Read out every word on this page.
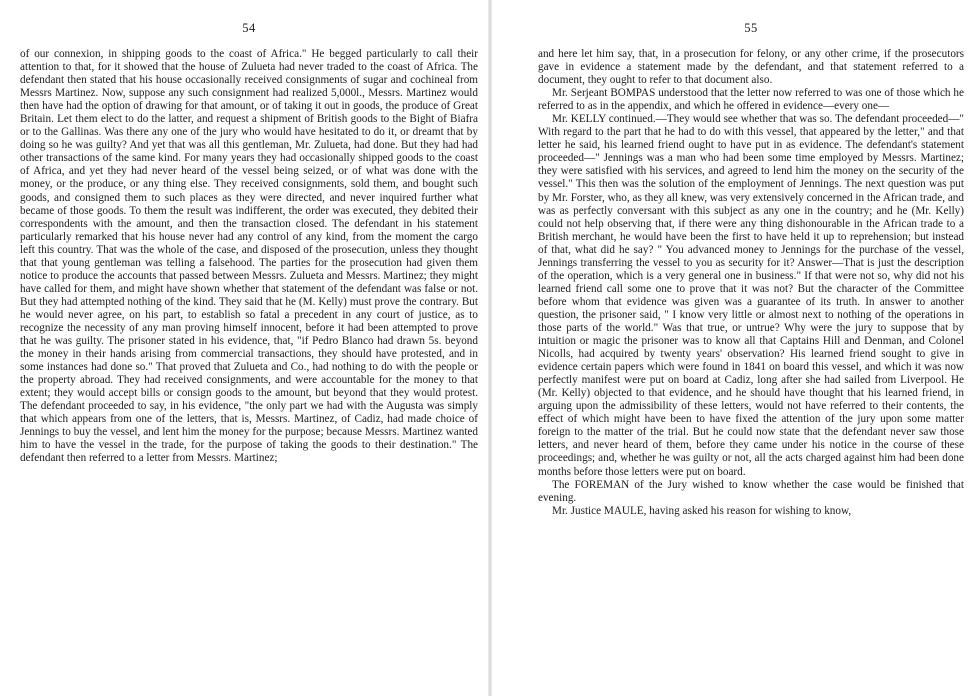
54

of our connexion, in shipping goods to the coast of Africa." He begged particularly to call their attention to that, for it showed that the house of Zulueta had never traded to the coast of Africa. The defendant then stated that his house occasionally received consignments of sugar and cochineal from Messrs Martinez. Now, suppose any such consignment had realized 5,000l., Messrs. Martinez would then have had the option of drawing for that amount, or of taking it out in goods, the produce of Great Britain. Let them elect to do the latter, and request a shipment of British goods to the Bight of Biafra or to the Gallinas. Was there any one of the jury who would have hesitated to do it, or dreamt that by doing so he was guilty? And yet that was all this gentleman, Mr. Zulueta, had done. But they had had other transactions of the same kind. For many years they had occasionally shipped goods to the coast of Africa, and yet they had never heard of the vessel being seized, or of what was done with the money, or the produce, or any thing else. They received consignments, sold them, and bought such goods, and consigned them to such places as they were directed, and never inquired further what became of those goods. To them the result was indifferent, the order was executed, they debited their correspondents with the amount, and then the transaction closed. The defendant in his statement particularly remarked that his house never had any control of any kind, from the moment the cargo left this country. That was the whole of the case, and disposed of the prosecution, unless they thought that that young gentleman was telling a falsehood. The parties for the prosecution had given them notice to produce the accounts that passed between Messrs. Zulueta and Messrs. Martinez; they might have called for them, and might have shown whether that statement of the defendant was false or not. But they had attempted nothing of the kind. They said that he (M. Kelly) must prove the contrary. But he would never agree, on his part, to establish so fatal a precedent in any court of justice, as to recognize the necessity of any man proving himself innocent, before it had been attempted to prove that he was guilty. The prisoner stated in his evidence, that, "if Pedro Blanco had drawn 5s. beyond the money in their hands arising from commercial transactions, they should have protested, and in some instances had done so." That proved that Zulueta and Co., had nothing to do with the people or the property abroad. They had received consignments, and were accountable for the money to that extent; they would accept bills or consign goods to the amount, but beyond that they would protest. The defendant proceeded to say, in his evidence, "the only part we had with the Augusta was simply that which appears from one of the letters, that is, Messrs. Martinez, of Cadiz, had made choice of Jennings to buy the vessel, and lent him the money for the purpose; because Messrs. Martinez wanted him to have the vessel in the trade, for the purpose of taking the goods to their destination." The defendant then referred to a letter from Messrs. Martinez;

55

and here let him say, that, in a prosecution for felony, or any other crime, if the prosecutors gave in evidence a statement made by the defendant, and that statement referred to a document, they ought to refer to that document also.

Mr. Serjeant BOMPAS understood that the letter now referred to was one of those which he referred to as in the appendix, and which he offered in evidence—every one—

Mr. KELLY continued.—They would see whether that was so. The defendant proceeded—" With regard to the part that he had to do with this vessel, that appeared by the letter," and that letter he said, his learned friend ought to have put in as evidence. The defendant's statement proceeded—" Jennings was a man who had been some time employed by Messrs. Martinez; they were satisfied with his services, and agreed to lend him the money on the security of the vessel." This then was the solution of the employment of Jennings. The next question was put by Mr. Forster, who, as they all knew, was very extensively concerned in the African trade, and was as perfectly conversant with this subject as any one in the country; and he (Mr. Kelly) could not help observing that, if there were any thing dishonourable in the African trade to a British merchant, he would have been the first to have held it up to reprehension; but instead of that, what did he say? " You advanced money to Jennings for the purchase of the vessel, Jennings transferring the vessel to you as security for it? Answer—That is just the description of the operation, which is a very general one in business." If that were not so, why did not his learned friend call some one to prove that it was not? But the character of the Committee before whom that evidence was given was a guarantee of its truth. In answer to another question, the prisoner said, " I know very little or almost next to nothing of the operations in those parts of the world." Was that true, or untrue? Why were the jury to suppose that by intuition or magic the prisoner was to know all that Captains Hill and Denman, and Colonel Nicolls, had acquired by twenty years' observation? His learned friend sought to give in evidence certain papers which were found in 1841 on board this vessel, and which it was now perfectly manifest were put on board at Cadiz, long after she had sailed from Liverpool. He (Mr. Kelly) objected to that evidence, and he should have thought that his learned friend, in arguing upon the admissibility of these letters, would not have referred to their contents, the effect of which might have been to have fixed the attention of the jury upon some matter foreign to the matter of the trial. But he could now state that the defendant never saw those letters, and never heard of them, before they came under his notice in the course of these proceedings; and, whether he was guilty or not, all the acts charged against him had been done months before those letters were put on board.

The FOREMAN of the Jury wished to know whether the case would be finished that evening.

Mr. Justice MAULE, having asked his reason for wishing to know,
